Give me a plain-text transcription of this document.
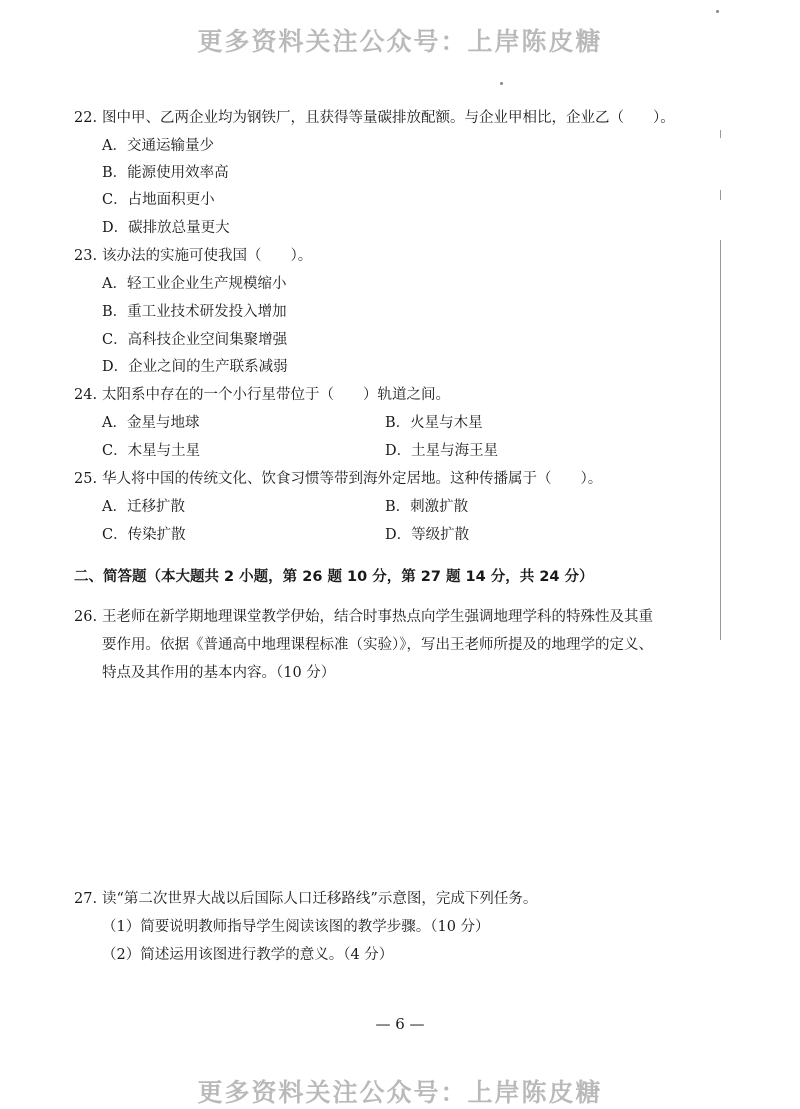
更多资料关注公众号：上岸陈皮糖
22. 图中甲、乙两企业均为钢铁厂，且获得等量碳排放配额。与企业甲相比，企业乙（　　）。
A．交通运输量少
B．能源使用效率高
C．占地面积更小
D．碳排放总量更大
23. 该办法的实施可使我国（　　）。
A．轻工业企业生产规模缩小
B．重工业技术研发投入增加
C．高科技企业空间集聚增强
D．企业之间的生产联系减弱
24. 太阳系中存在的一个小行星带位于（　　）轨道之间。
A．金星与地球	B．火星与木星
C．木星与土星	D．土星与海王星
25. 华人将中国的传统文化、饮食习惯等带到海外定居地。这种传播属于（　　）。
A．迁移扩散	B．刺激扩散
C．传染扩散	D．等级扩散
二、简答题（本大题共 2 小题，第 26 题 10 分，第 27 题 14 分，共 24 分）
26. 王老师在新学期地理课堂教学伊始，结合时事热点向学生强调地理学科的特殊性及其重
要作用。依据《普通高中地理课程标准（实验）》，写出王老师所提及的地理学的定义、
特点及其作用的基本内容。（10 分）
27. 读“第二次世界大战以后国际人口迁移路线”示意图，完成下列任务。
（1）简要说明教师指导学生阅读该图的教学步骤。（10 分）
（2）简述运用该图进行教学的意义。（4 分）
— 6 —
更多资料关注公众号：上岸陈皮糖
